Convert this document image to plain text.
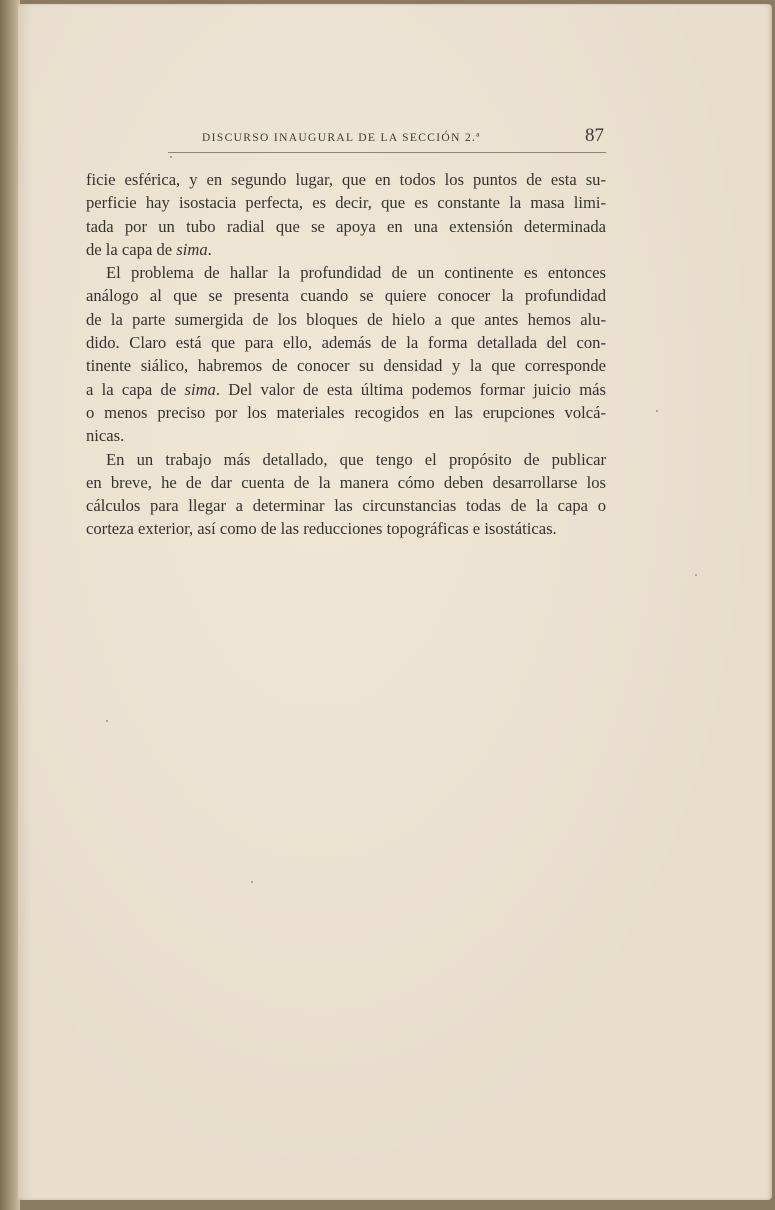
DISCURSO INAUGURAL DE LA SECCIÓN 2.ª	87

ficie esférica, y en segundo lugar, que en todos los puntos de esta su-
perficie hay isostacia perfecta, es decir, que es constante la masa limi-
tada por un tubo radial que se apoya en una extensión determinada
de la capa de sima.

El problema de hallar la profundidad de un continente es entonces
análogo al que se presenta cuando se quiere conocer la profundidad
de la parte sumergida de los bloques de hielo a que antes hemos alu-
dido. Claro está que para ello, además de la forma detallada del con-
tinente siálico, habremos de conocer su densidad y la que corresponde
a la capa de sima. Del valor de esta última podemos formar juicio más
o menos preciso por los materiales recogidos en las erupciones volcá-
nicas.

En un trabajo más detallado, que tengo el propósito de publicar
en breve, he de dar cuenta de la manera cómo deben desarrollarse los
cálculos para llegar a determinar las circunstancias todas de la capa o
corteza exterior, así como de las reducciones topográficas e isostáticas.
